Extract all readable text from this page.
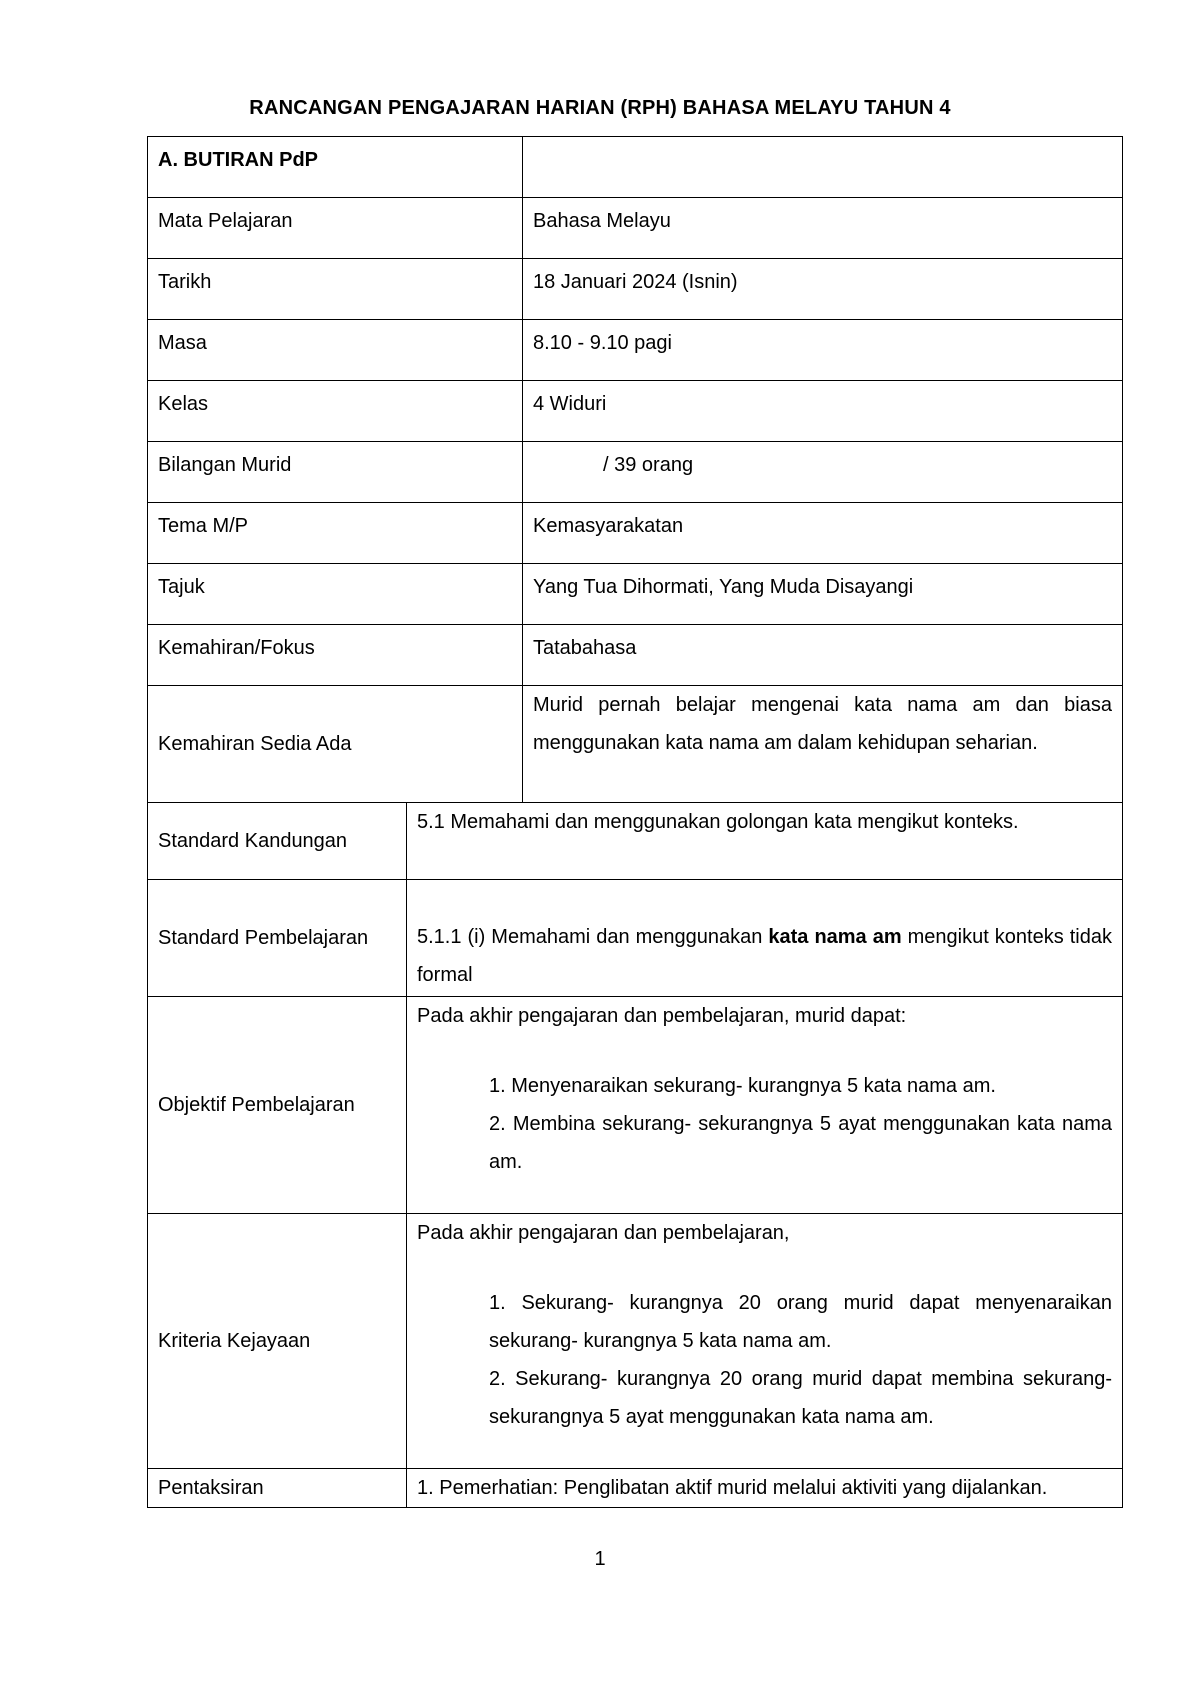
RANCANGAN PENGAJARAN HARIAN (RPH) BAHASA MELAYU TAHUN 4
A. BUTIRAN PdP		
Mata Pelajaran		Bahasa Melayu
Tarikh		18 Januari 2024 (Isnin)
Masa		8.10 - 9.10 pagi
Kelas		4 Widuri
Bilangan Murid		/ 39 orang
Tema M/P		Kemasyarakatan
Tajuk		Yang Tua Dihormati, Yang Muda Disayangi
Kemahiran/Fokus		Tatabahasa
Kemahiran Sedia Ada		Murid pernah belajar mengenai kata nama am dan biasa menggunakan kata nama am dalam kehidupan seharian.
Standard Kandungan	5.1 Memahami dan menggunakan golongan kata mengikut konteks.	
Standard Pembelajaran	5.1.1 (i) Memahami dan menggunakan kata nama am mengikut konteks tidak formal	
Objektif Pembelajaran	Pada akhir pengajaran dan pembelajaran, murid dapat:
1. Menyenaraikan sekurang- kurangnya 5 kata nama am.
2. Membina sekurang- sekurangnya 5 ayat menggunakan kata nama am.	

Kriteria Kejayaan	Pada akhir pengajaran dan pembelajaran,
1. Sekurang- kurangnya 20 orang murid dapat menyenaraikan sekurang- kurangnya 5 kata nama am.
2. Sekurang- kurangnya 20 orang murid dapat membina sekurang- sekurangnya 5 ayat menggunakan kata nama am.	

Pentaksiran	1. Pemerhatian: Penglibatan aktif murid melalui aktiviti yang dijalankan.	
1
